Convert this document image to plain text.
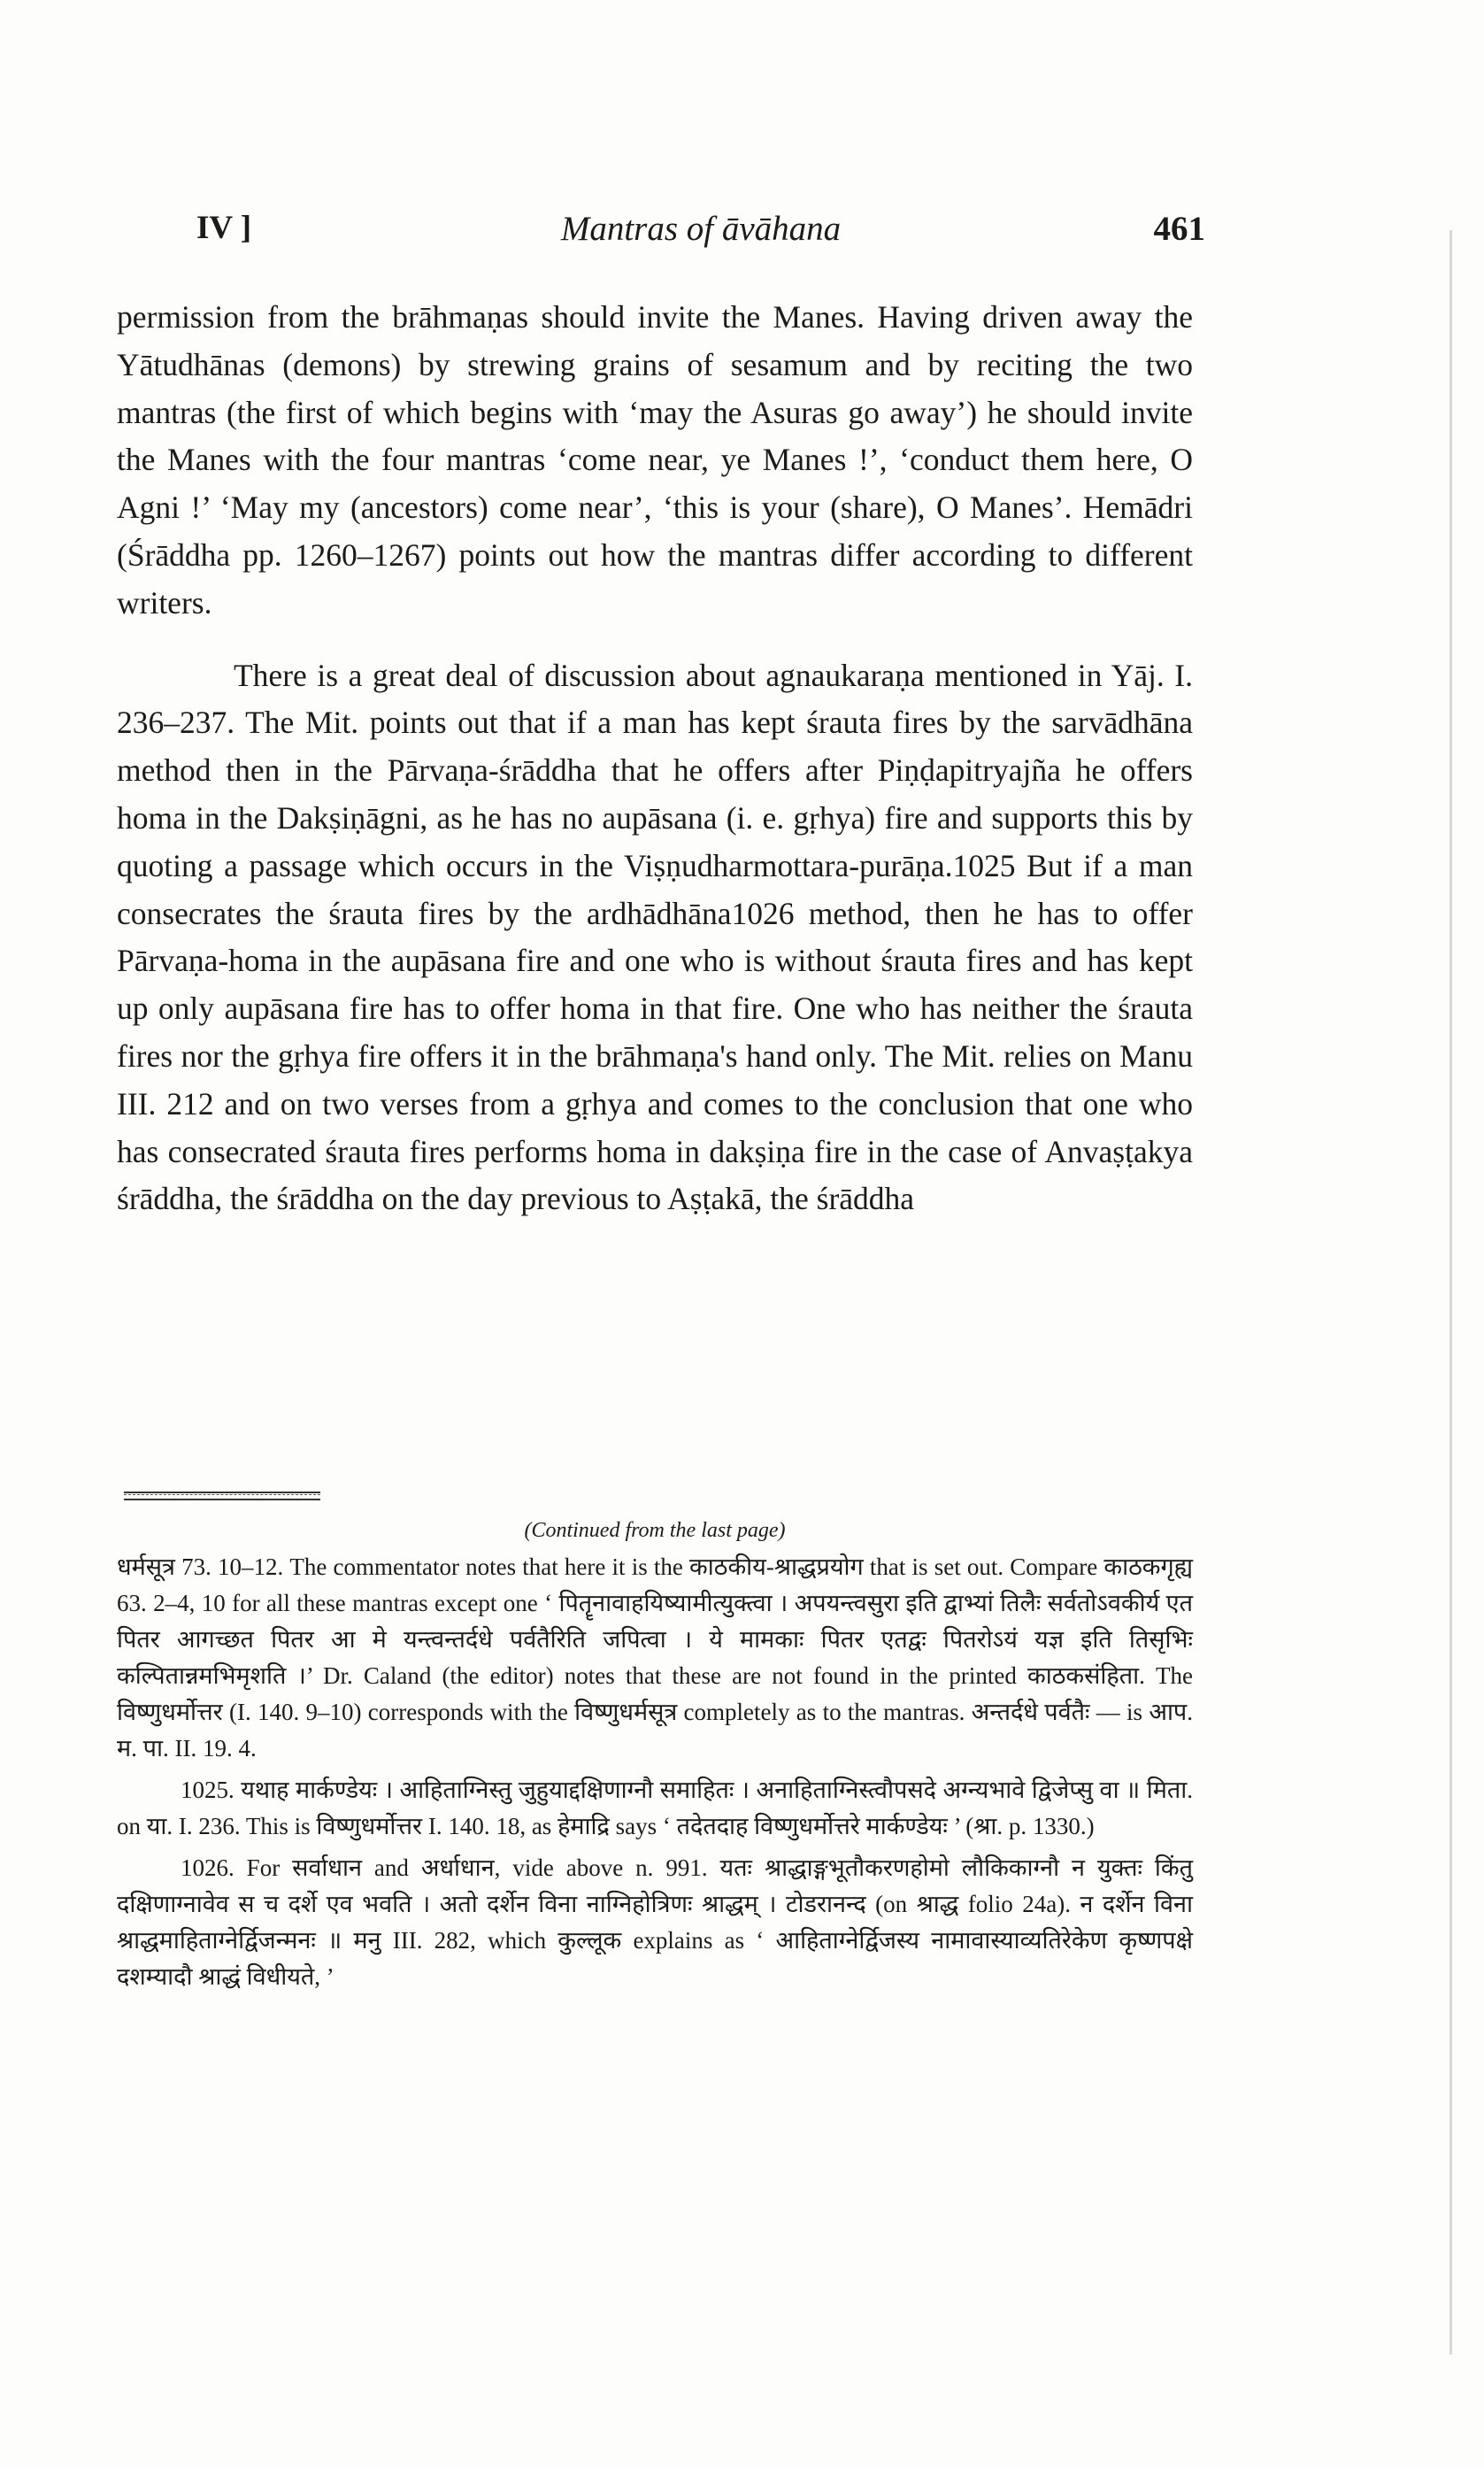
IV ]	Mantras of āvāhana	461

permission from the brāhmaṇas should invite the Manes. Having driven away the Yātudhānas (demons) by strewing grains of sesamum and by reciting the two mantras (the first of which begins with ‘may the Asuras go away’) he should invite the Manes with the four mantras ‘come near, ye Manes !’, ‘conduct them here, O Agni !’ ‘May my (ancestors) come near’, ‘this is your (share), O Manes’. Hemādri (Śrāddha pp. 1260–1267) points out how the mantras differ according to different writers.

There is a great deal of discussion about agnaukaraṇa mentioned in Yāj. I. 236–237. The Mit. points out that if a man has kept śrauta fires by the sarvādhāna method then in the Pārvaṇa-śrāddha that he offers after Piṇḍapitryajña he offers homa in the Dakṣiṇāgni, as he has no aupāsana (i. e. gṛhya) fire and supports this by quoting a passage which occurs in the Viṣṇudharmottara-purāṇa.1025 But if a man consecrates the śrauta fires by the ardhādhāna1026 method, then he has to offer Pārvaṇa-homa in the aupāsana fire and one who is without śrauta fires and has kept up only aupāsana fire has to offer homa in that fire. One who has neither the śrauta fires nor the gṛhya fire offers it in the brāhmaṇa's hand only. The Mit. relies on Manu III. 212 and on two verses from a gṛhya and comes to the conclusion that one who has consecrated śrauta fires performs homa in dakṣiṇa fire in the case of Anvaṣṭakya śrāddha, the śrāddha on the day previous to Aṣṭakā, the śrāddha

(Continued from the last page)

धर्मसूत्र 73. 10–12. The commentator notes that here it is the काठकीय-श्राद्धप्रयोग that is set out. Compare काठकगृह्य 63. 2–4, 10 for all these mantras except one ‘ पितॄनावाहयिष्यामीत्युक्त्वा । अपयन्त्वसुरा इति द्वाभ्यां तिलैः सर्वतोऽवकीर्य एत पितर आगच्छत पितर आ मे यन्त्वन्तर्दधे पर्वतैरिति जपित्वा । ये मामकाः पितर एतद्वः पितरोऽयं यज्ञ इति तिसृभिः कल्पितान्नमभिमृशति ।’ Dr. Caland (the editor) notes that these are not found in the printed काठकसंहिता. The विष्णुधर्मोत्तर (I. 140. 9–10) corresponds with the विष्णुधर्मसूत्र completely as to the mantras. अन्तर्दधे पर्वतैः — is आप. म. पा. II. 19. 4.

1025. यथाह मार्कण्डेयः । आहिताग्निस्तु जुहुयाद्दक्षिणाग्नौ समाहितः । अनाहिताग्निस्त्वौपसदे अग्न्यभावे द्विजेप्सु वा ॥ मिता. on या. I. 236. This is विष्णुधर्मोत्तर I. 140. 18, as हेमाद्रि says ‘ तदेतदाह विष्णुधर्मोत्तरे मार्कण्डेयः ’ (श्रा. p. 1330.)

1026. For सर्वाधान and अर्धाधान, vide above n. 991. यतः श्राद्धाङ्गभूतौकरणहोमो लौकिकाग्नौ न युक्तः किंतु दक्षिणाग्नावेव स च दर्शे एव भवति । अतो दर्शेन विना नाग्निहोत्रिणः श्राद्धम् । टोडरानन्द (on श्राद्ध folio 24a). न दर्शेन विना श्राद्धमाहिताग्नेर्द्विजन्मनः ॥ मनु III. 282, which कुल्लूक explains as ‘ आहिताग्नेर्द्विजस्य नामावास्याव्यतिरेकेण कृष्णपक्षे दशम्यादौ श्राद्धं विधीयते, ’
